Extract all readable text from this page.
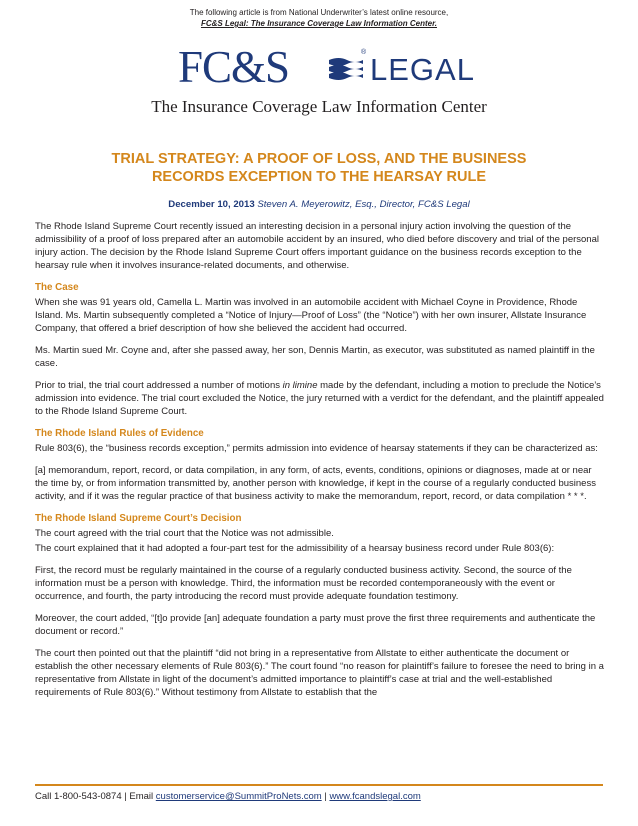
The following article is from National Underwriter’s latest online resource,
FC&S Legal: The Insurance Coverage Law Information Center.
FC&S	® LEGAL
The Insurance Coverage Law Information Center
TRIAL STRATEGY: A PROOF OF LOSS, AND THE BUSINESS
RECORDS EXCEPTION TO THE HEARSAY RULE
December 10, 2013 Steven A. Meyerowitz, Esq., Director, FC&S Legal

The Rhode Island Supreme Court recently issued an interesting decision in a personal injury action involving the question of the admissibility of a proof of loss prepared after an automobile accident by an insured, who died before discovery and trial of the personal injury action. The decision by the Rhode Island Supreme Court offers important guidance on the business records exception to the hearsay rule when it involves insurance-related documents, and otherwise.

The Case

When she was 91 years old, Camella L. Martin was involved in an automobile accident with Michael Coyne in Providence, Rhode Island. Ms. Martin subsequently completed a “Notice of Injury—Proof of Loss” (the “Notice”) with her own insurer, Allstate Insurance Company, that offered a brief description of how she believed the accident had occurred.

Ms. Martin sued Mr. Coyne and, after she passed away, her son, Dennis Martin, as executor, was substituted as named plaintiff in the case.

Prior to trial, the trial court addressed a number of motions in limine made by the defendant, including a motion to preclude the Notice’s admission into evidence. The trial court excluded the Notice, the jury returned with a verdict for the defendant, and the plaintiff appealed to the Rhode Island Supreme Court.

The Rhode Island Rules of Evidence

Rule 803(6), the “business records exception,” permits admission into evidence of hearsay statements if they can be characterized as:

[a] memorandum, report, record, or data compilation, in any form, of acts, events, conditions, opinions or diagnoses, made at or near the time by, or from information transmitted by, another person with knowledge, if kept in the course of a regularly conducted business activity, and if it was the regular practice of that business activity to make the memorandum, report, record, or data compilation * * *.

The Rhode Island Supreme Court’s Decision

The court agreed with the trial court that the Notice was not admissible.

The court explained that it had adopted a four-part test for the admissibility of a hearsay business record under Rule 803(6):

First, the record must be regularly maintained in the course of a regularly conducted business activity. Second, the source of the information must be a person with knowledge. Third, the information must be recorded contemporaneously with the event or occurrence, and fourth, the party introducing the record must provide adequate foundation testimony.

Moreover, the court added, “[t]o provide [an] adequate foundation a party must prove the first three requirements and authenticate the document or record.”

The court then pointed out that the plaintiff “did not bring in a representative from Allstate to either authenticate the document or establish the other necessary elements of Rule 803(6).” The court found “no reason for plaintiff’s failure to foresee the need to bring in a representative from Allstate in light of the document’s admitted importance to plaintiff’s case at trial and the well-established requirements of Rule 803(6).” Without testimony from Allstate to establish that the

Call 1-800-543-0874 | Email customerservice@SummitProNets.com | www.fcandslegal.com
